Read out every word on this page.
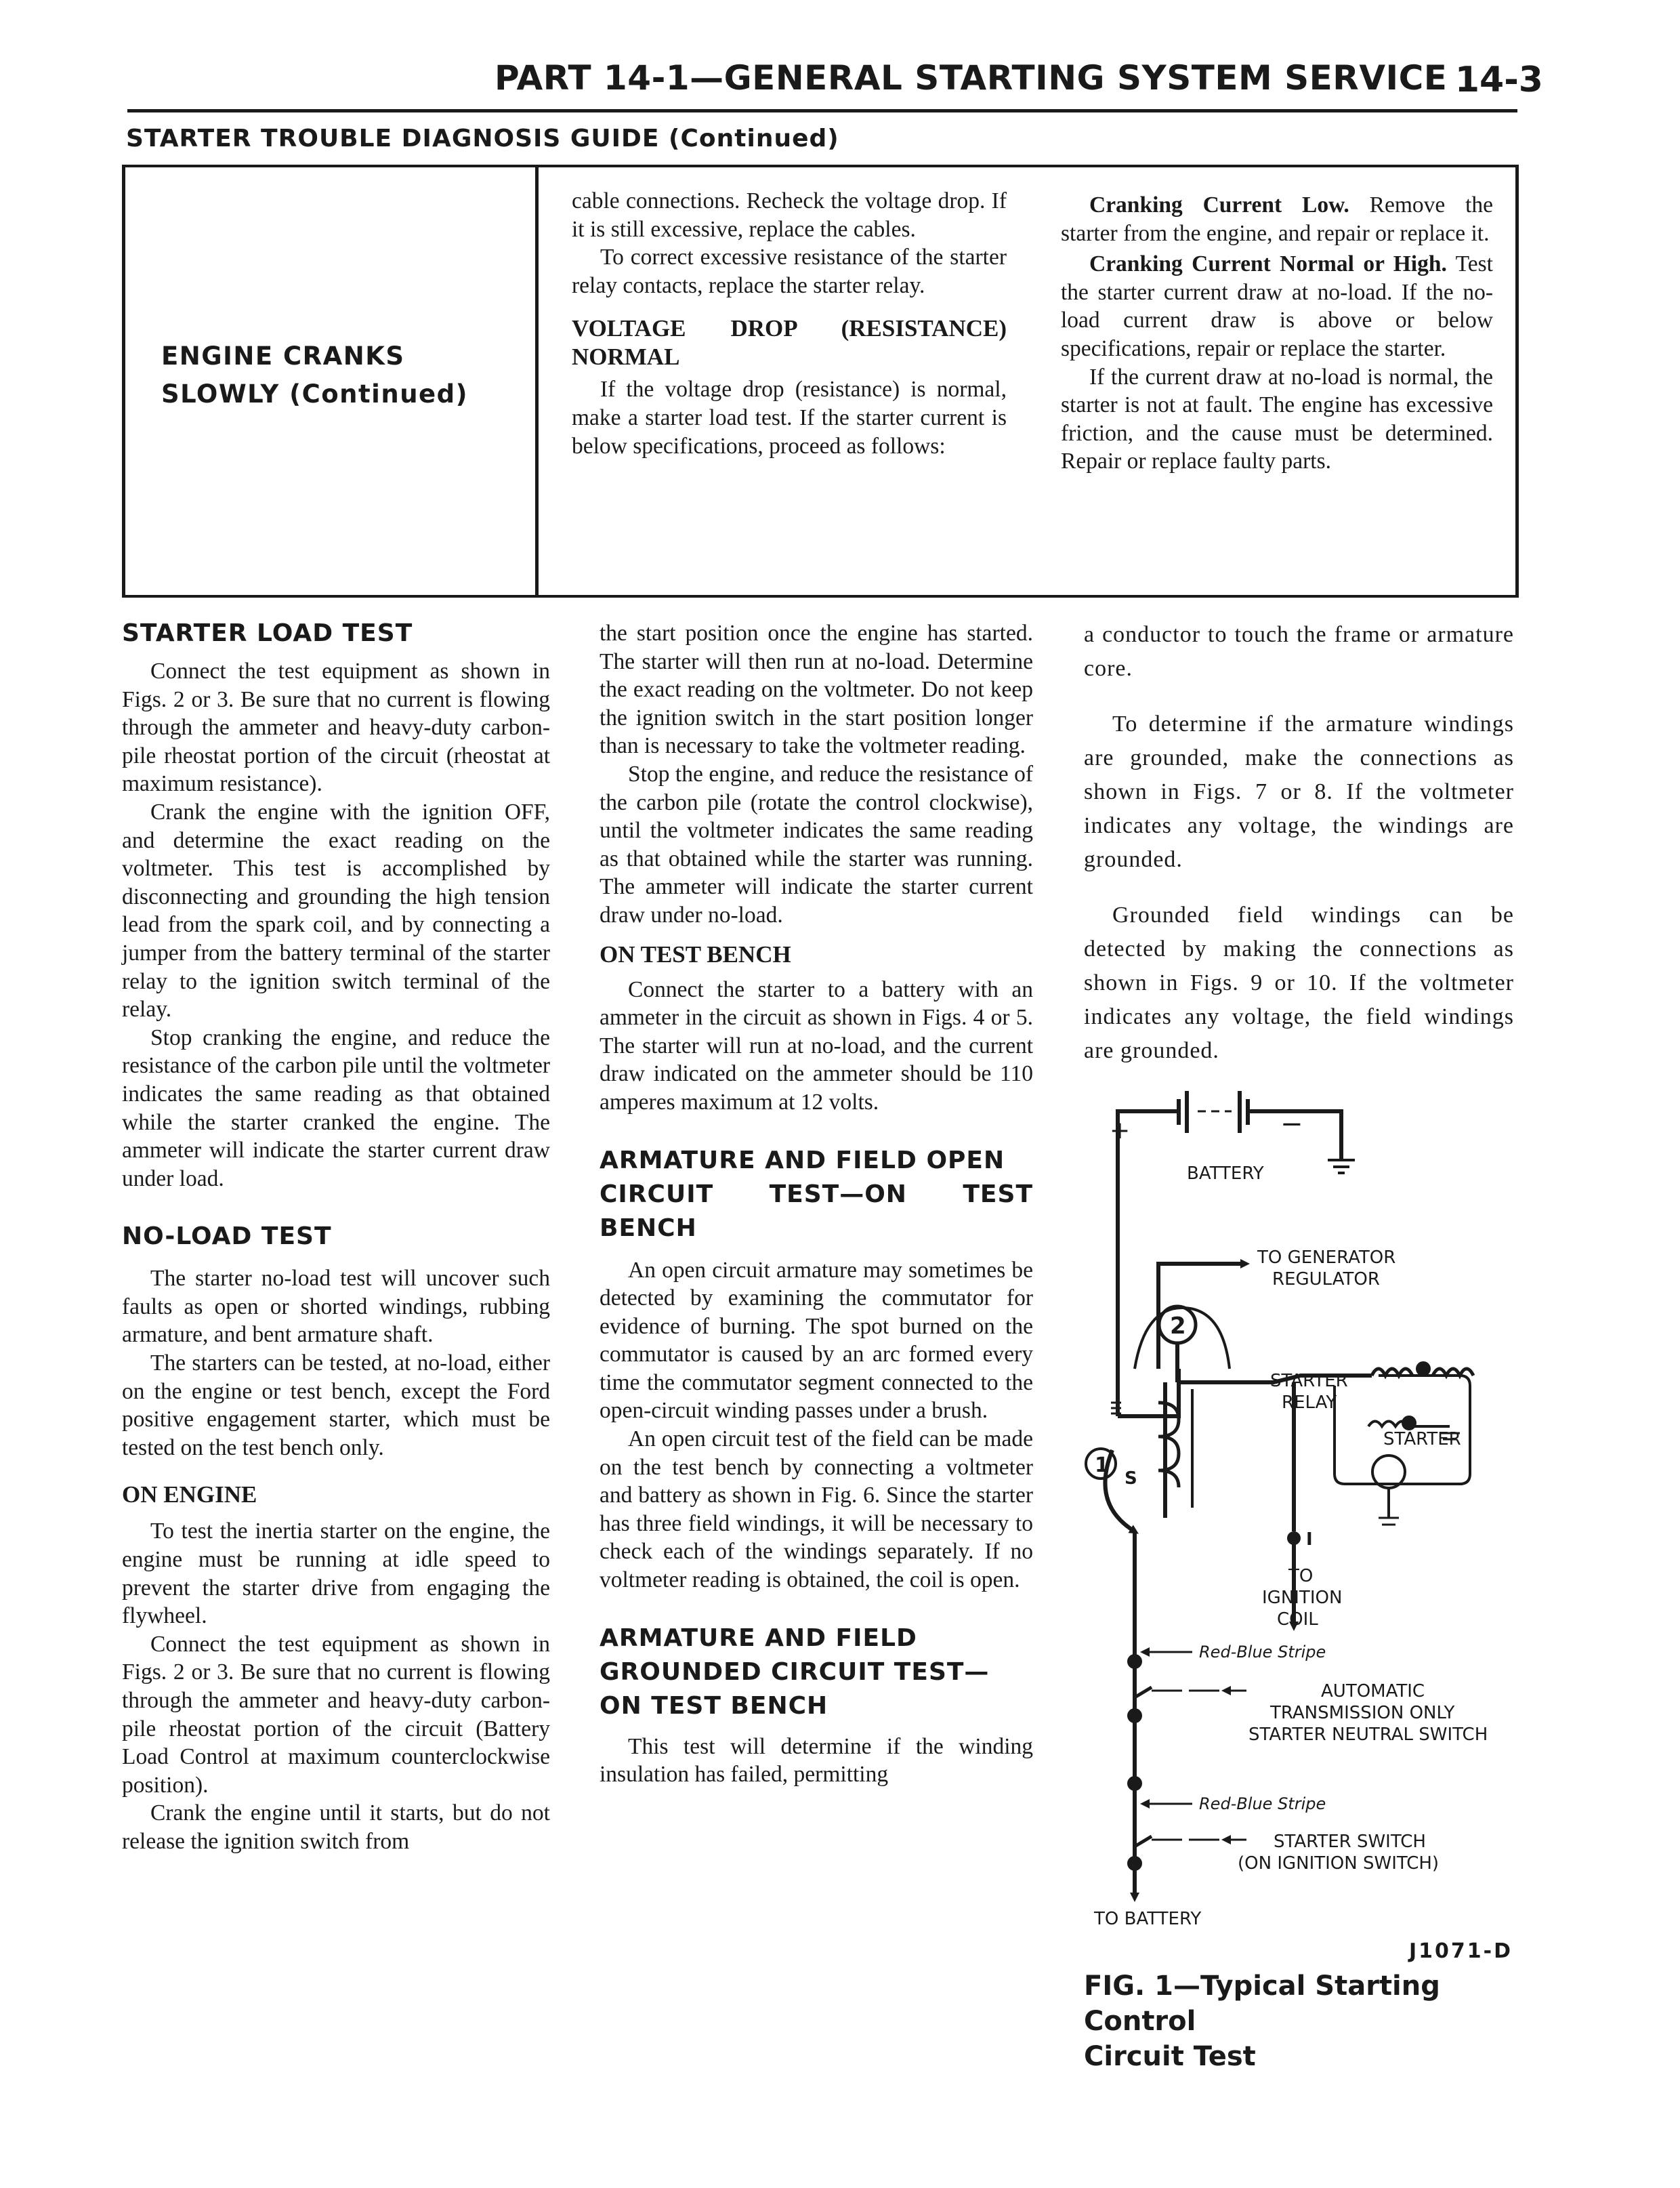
PART 14-1—GENERAL STARTING SYSTEM SERVICE 14-3
STARTER TROUBLE DIAGNOSIS GUIDE (Continued)
ENGINE CRANKS
SLOWLY (Continued)

cable connections. Recheck the voltage drop. If it is still excessive, replace the cables.

To correct excessive resistance of the starter relay contacts, replace the starter relay.

VOLTAGE DROP (RESISTANCE) NORMAL

If the voltage drop (resistance) is normal, make a starter load test. If the starter current is below specifications, proceed as follows:

Cranking Current Low. Remove the starter from the engine, and repair or replace it.

Cranking Current Normal or High. Test the starter current draw at no-load. If the no-load current draw is above or below specifications, repair or replace the starter.

If the current draw at no-load is normal, the starter is not at fault. The engine has excessive friction, and the cause must be determined. Repair or replace faulty parts.

STARTER LOAD TEST

Connect the test equipment as shown in Figs. 2 or 3. Be sure that no current is flowing through the ammeter and heavy-duty carbon-pile rheostat portion of the circuit (rheostat at maximum resistance).

Crank the engine with the ignition OFF, and determine the exact reading on the voltmeter. This test is accomplished by disconnecting and grounding the high tension lead from the spark coil, and by connecting a jumper from the battery terminal of the starter relay to the ignition switch terminal of the relay.

Stop cranking the engine, and reduce the resistance of the carbon pile until the voltmeter indicates the same reading as that obtained while the starter cranked the engine. The ammeter will indicate the starter current draw under load.

NO-LOAD TEST

The starter no-load test will uncover such faults as open or shorted windings, rubbing armature, and bent armature shaft.

The starters can be tested, at no-load, either on the engine or test bench, except the Ford positive engagement starter, which must be tested on the test bench only.

ON ENGINE

To test the inertia starter on the engine, the engine must be running at idle speed to prevent the starter drive from engaging the flywheel.

Connect the test equipment as shown in Figs. 2 or 3. Be sure that no current is flowing through the ammeter and heavy-duty carbon-pile rheostat portion of the circuit (Battery Load Control at maximum counterclockwise position).

Crank the engine until it starts, but do not release the ignition switch from

the start position once the engine has started. The starter will then run at no-load. Determine the exact reading on the voltmeter. Do not keep the ignition switch in the start position longer than is necessary to take the voltmeter reading.

Stop the engine, and reduce the resistance of the carbon pile (rotate the control clockwise), until the voltmeter indicates the same reading as that obtained while the starter was running. The ammeter will indicate the starter current draw under no-load.

ON TEST BENCH

Connect the starter to a battery with an ammeter in the circuit as shown in Figs. 4 or 5. The starter will run at no-load, and the current draw indicated on the ammeter should be 110 amperes maximum at 12 volts.

ARMATURE AND FIELD OPEN
CIRCUIT TEST—ON TEST BENCH

An open circuit armature may sometimes be detected by examining the commutator for evidence of burning. The spot burned on the commutator is caused by an arc formed every time the commutator segment connected to the open-circuit winding passes under a brush.

An open circuit test of the field can be made on the test bench by connecting a voltmeter and battery as shown in Fig. 6. Since the starter has three field windings, it will be necessary to check each of the windings separately. If no voltmeter reading is obtained, the coil is open.

ARMATURE AND FIELD
GROUNDED CIRCUIT TEST—
ON TEST BENCH

This test will determine if the winding insulation has failed, permitting

a conductor to touch the frame or armature core.

To determine if the armature windings are grounded, make the connections as shown in Figs. 7 or 8. If the voltmeter indicates any voltage, the windings are grounded.

Grounded field windings can be detected by making the connections as shown in Figs. 9 or 10. If the voltmeter indicates any voltage, the field windings are grounded.

+	−
BATTERY
TO GENERATOR
REGULATOR
2
1
S
I
STARTER
RELAY
STARTER
TO
IGNITION
COIL
Red-Blue Stripe
AUTOMATIC
TRANSMISSION ONLY
STARTER NEUTRAL SWITCH
Red-Blue Stripe
STARTER SWITCH
(ON IGNITION SWITCH)
TO BATTERY
J1071-D
FIG. 1—Typical Starting Control
Circuit Test
